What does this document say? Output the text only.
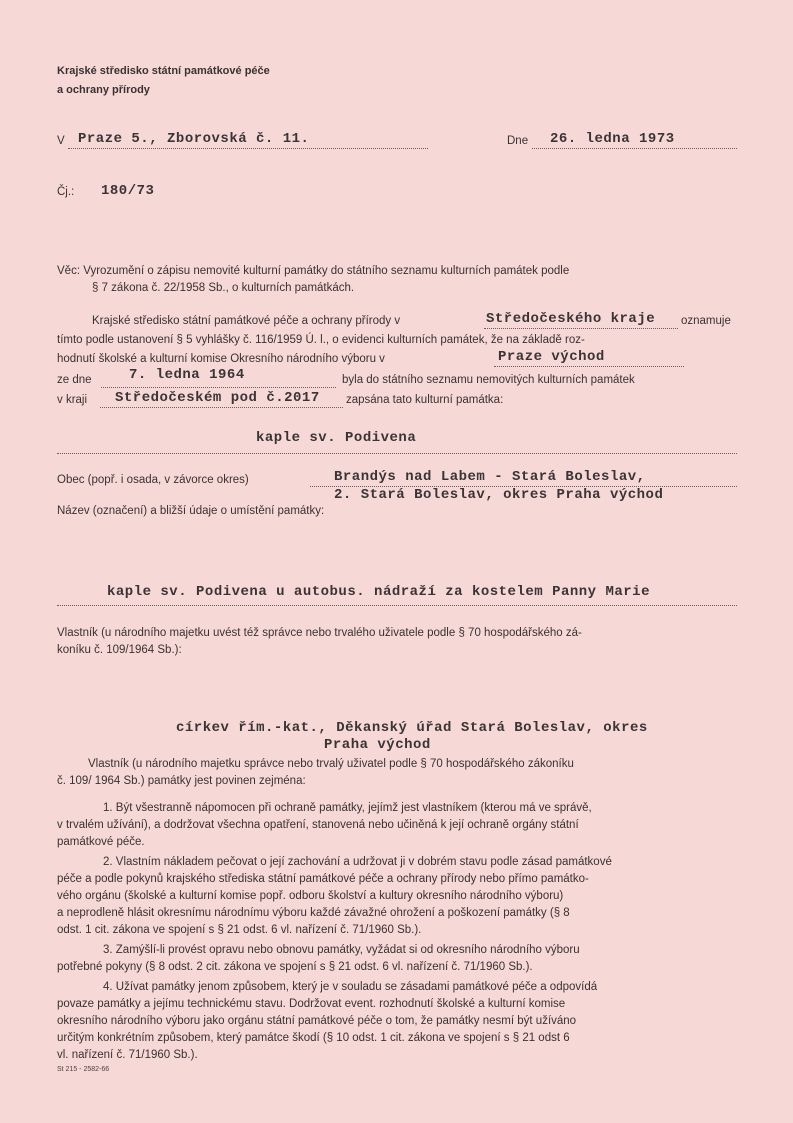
Krajské středisko státní památkové péče
a ochrany přírody
V Praze 5., Zborovská č. 11.	Dne 26. ledna 1973
Čj.: 180/73
Věc: Vyrozumění o zápisu nemovité kulturní památky do státního seznamu kulturních památek podle
§ 7 zákona č. 22/1958 Sb., o kulturních památkách.
Krajské středisko státní památkové péče a ochrany přírody v	Středočeského kraje oznamuje
tímto podle ustanovení § 5 vyhlášky č. 116/1959 Ú. l., o evidenci kulturních památek, že na základě roz-
hodnutí školské a kulturní komise Okresního národního výboru v	Praze východ
ze dne	7. ledna 1964	byla do státního seznamu nemovitých kulturních památek
v kraji Středočeském pod č.2017 zapsána tato kulturní památka:
kaple sv. Podivena
Obec (popř. i osada, v závorce okres)	Brandýs nad Labem - Stará Boleslav,
2. Stará Boleslav, okres Praha východ
Název (označení) a bližší údaje o umístění památky:
kaple sv. Podivena u autobus. nádraží za kostelem Panny Marie
Vlastník (u národního majetku uvést též správce nebo trvalého uživatele podle § 70 hospodářského zá-
koníku č. 109/1964 Sb.):
církev řím.-kat., Děkanský úřad Stará Boleslav, okres
Praha východ
Vlastník (u národního majetku správce nebo trvalý uživatel podle § 70 hospodářského zákoníku
č. 109/ 1964 Sb.) památky jest povinen zejména:
1. Být všestranně nápomocen při ochraně památky, jejímž jest vlastníkem (kterou má ve správě,
v trvalém užívání), a dodržovat všechna opatření, stanovená nebo učiněná k její ochraně orgány státní
památkové péče.
2. Vlastním nákladem pečovat o její zachování a udržovat ji v dobrém stavu podle zásad památkové
péče a podle pokynů krajského střediska státní památkové péče a ochrany přírody nebo přímo památko-
vého orgánu (školské a kulturní komise popř. odboru školství a kultury okresního národního výboru)
a neprodleně hlásit okresnímu národnímu výboru každé závažné ohrožení a poškození památky (§ 8
odst. 1 cit. zákona ve spojení s § 21 odst. 6 vl. nařízení č. 71/1960 Sb.).
3. Zamýšlí-li provést opravu nebo obnovu památky, vyžádat si od okresního národního výboru
potřebné pokyny (§ 8 odst. 2 cit. zákona ve spojení s § 21 odst. 6 vl. nařízení č. 71/1960 Sb.).
4. Užívat památky jenom způsobem, který je v souladu se zásadami památkové péče a odpovídá
povaze památky a jejímu technickému stavu. Dodržovat event. rozhodnutí školské a kulturní komise
okresního národního výboru jako orgánu státní památkové péče o tom, že památky nesmí být užíváno
určitým konkrétním způsobem, který památce škodí (§ 10 odst. 1 cit. zákona ve spojení s § 21 odst 6
vl. nařízení č. 71/1960 Sb.).
St 215 - 2582-66
